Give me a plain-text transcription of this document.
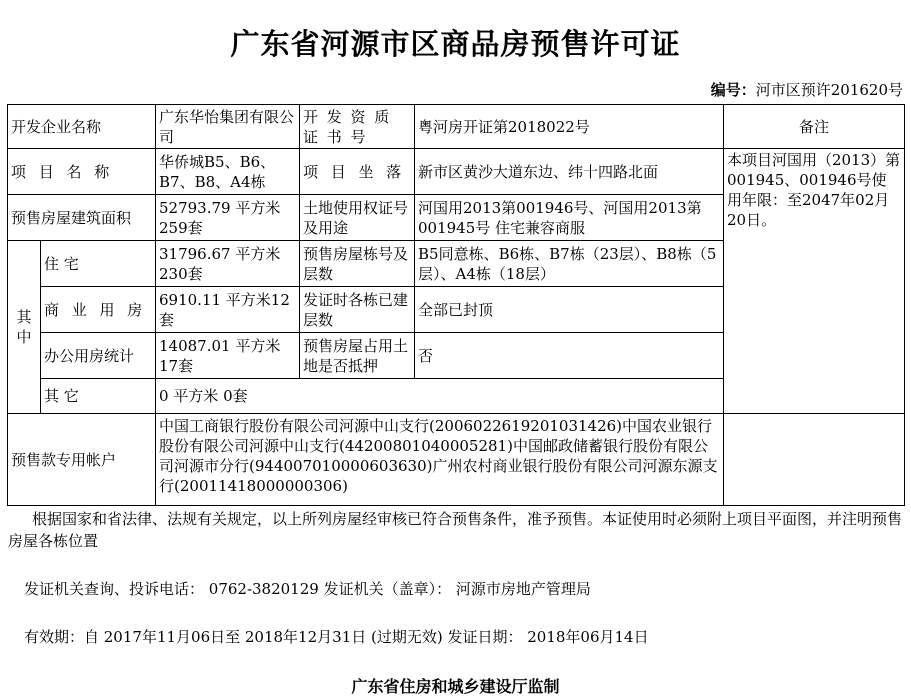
广东省河源市区商品房预售许可证
编号：河市区预许201620号
开发企业名称
广东华怡集团有限公司
开 发 资 质 证 书 号
粤河房开证第2018022号	备注
本项目河国用（2013）第001945、001946号使用年限：至2047年02月20日。
项 目 名 称
华侨城B5、B6、B7、B8、A4栋
项 目 坐 落 新市区黄沙大道东边、纬十四路北面
预售房屋建筑面积
52793.79 平方米259套
土地使用权证号及用途
河国用2013第001946号、河国用2013第001945号 住宅兼容商服
其中
住 宅
31796.67 平方米230套
预售房屋栋号及层数
B5同意栋、B6栋、B7栋（23层）、B8栋（5层）、A4栋（18层）
商 业 用 房
6910.11 平方米12套
发证时各栋已建层数
全部已封顶
办公用房统计
14087.01 平方米17套
预售房屋占用土地是否抵押
否
其 它	0 平方米 0套
预售款专用帐户
中国工商银行股份有限公司河源中山支行(2006022619201031426)中国农业银行股份有限公司河源中山支行(44200801040005281)中国邮政储蓄银行股份有限公司河源市分行(944007010000603630)广州农村商业银行股份有限公司河源东源支行(20011418000000306)
根据国家和省法律、法规有关规定，以上所列房屋经审核已符合预售条件，准予预售。本证使用时必须附上项目平面图，并注明预售房屋各栋位置
发证机关查询、投诉电话： 0762-3820129 发证机关（盖章）： 河源市房地产管理局
有效期：自 2017年11月06日至 2018年12月31日 (过期无效) 发证日期： 2018年06月14日
广东省住房和城乡建设厅监制
